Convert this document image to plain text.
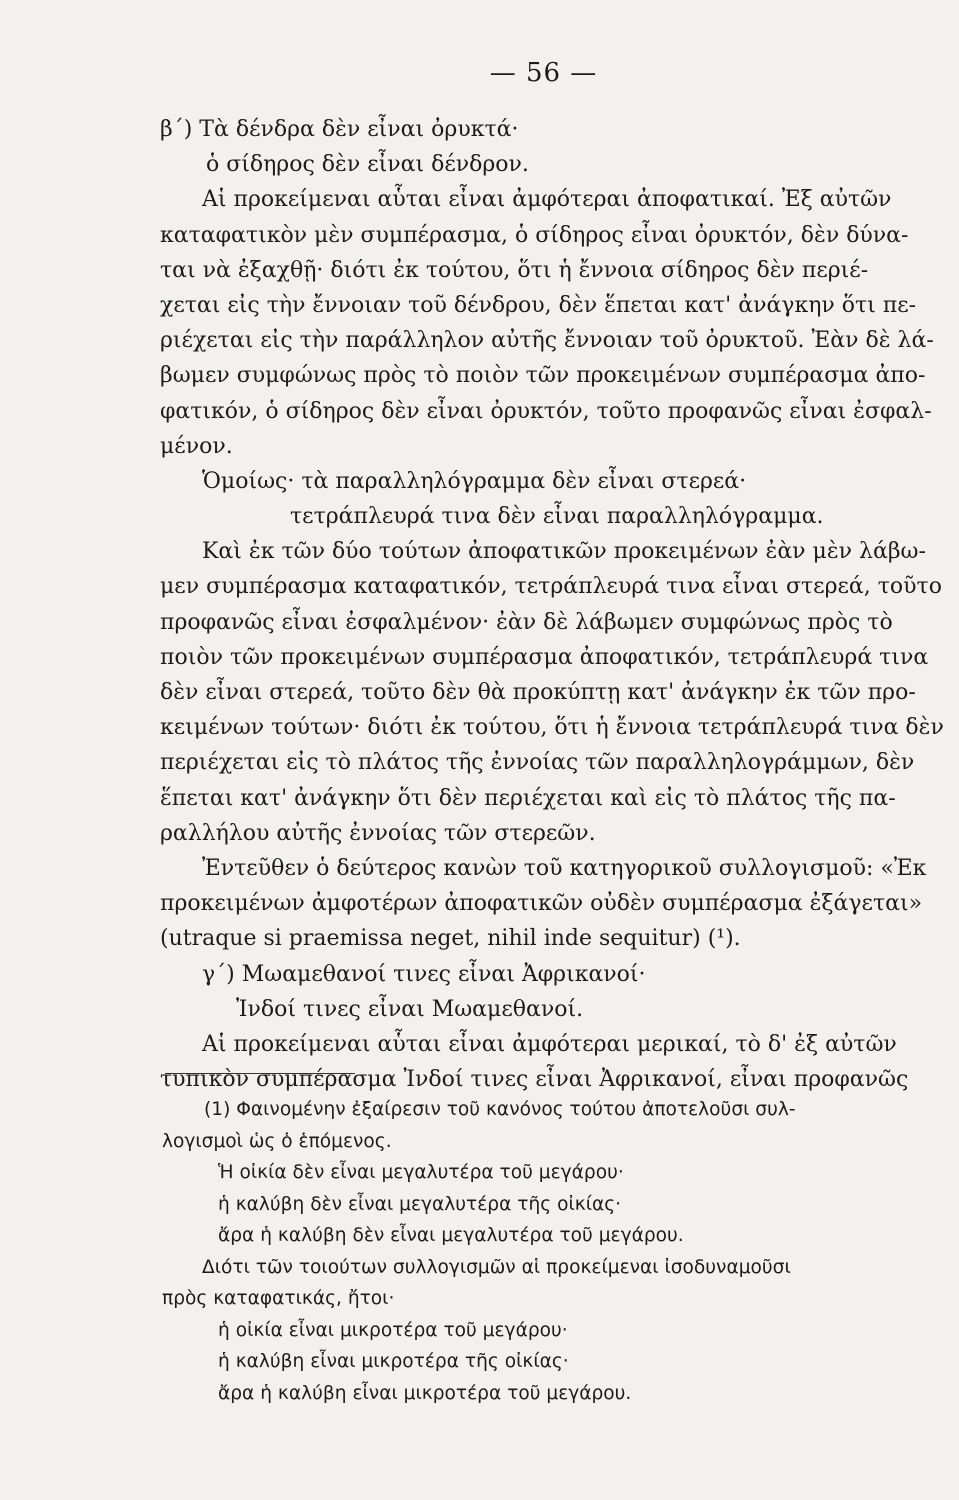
— 56 —
β΄) Τὰ δένδρα δὲν εἶναι ὀρυκτά·
ὁ σίδηρος δὲν εἶναι δένδρον.
Αἱ προκείμεναι αὗται εἶναι ἀμφότεραι ἀποφατικαί. Ἐξ αὐτῶν
καταφατικὸν μὲν συμπέρασμα, ὁ σίδηρος εἶναι ὀρυκτόν, δὲν δύνα-
ται νὰ ἐξαχθῇ· διότι ἐκ τούτου, ὅτι ἡ ἔννοια σίδηρος δὲν περιέ-
χεται εἰς τὴν ἔννοιαν τοῦ δένδρου, δὲν ἕπεται κατ' ἀνάγκην ὅτι πε-
ριέχεται εἰς τὴν παράλληλον αὐτῆς ἔννοιαν τοῦ ὀρυκτοῦ. Ἐὰν δὲ λά-
βωμεν συμφώνως πρὸς τὸ ποιὸν τῶν προκειμένων συμπέρασμα ἀπο-
φατικόν, ὁ σίδηρος δὲν εἶναι ὀρυκτόν, τοῦτο προφανῶς εἶναι ἐσφαλ-
μένον.
Ὁμοίως· τὰ παραλληλόγραμμα δὲν εἶναι στερεά·
τετράπλευρά τινα δὲν εἶναι παραλληλόγραμμα.
Καὶ ἐκ τῶν δύο τούτων ἀποφατικῶν προκειμένων ἐὰν μὲν λάβω-
μεν συμπέρασμα καταφατικόν, τετράπλευρά τινα εἶναι στερεά, τοῦτο
προφανῶς εἶναι ἐσφαλμένον· ἐὰν δὲ λάβωμεν συμφώνως πρὸς τὸ
ποιὸν τῶν προκειμένων συμπέρασμα ἀποφατικόν, τετράπλευρά τινα
δὲν εἶναι στερεά, τοῦτο δὲν θὰ προκύπτῃ κατ' ἀνάγκην ἐκ τῶν προ-
κειμένων τούτων· διότι ἐκ τούτου, ὅτι ἡ ἔννοια τετράπλευρά τινα δὲν
περιέχεται εἰς τὸ πλάτος τῆς ἐννοίας τῶν παραλληλογράμμων, δὲν
ἕπεται κατ' ἀνάγκην ὅτι δὲν περιέχεται καὶ εἰς τὸ πλάτος τῆς πα-
ραλλήλου αὐτῆς ἐννοίας τῶν στερεῶν.
Ἐντεῦθεν ὁ δεύτερος κανὼν τοῦ κατηγορικοῦ συλλογισμοῦ: «Ἐκ
προκειμένων ἀμφοτέρων ἀποφατικῶν οὐδὲν συμπέρασμα ἐξάγεται»
(utraque si praemissa neget, nihil inde sequitur) (¹).
γ΄) Μωαμεθανοί τινες εἶναι Ἀφρικανοί·
Ἰνδοί τινες εἶναι Μωαμεθανοί.
Αἱ προκείμεναι αὗται εἶναι ἀμφότεραι μερικαί, τὸ δ' ἐξ αὐτῶν
τυπικὸν συμπέρασμα Ἰνδοί τινες εἶναι Ἀφρικανοί, εἶναι προφανῶς
(1) Φαινομένην ἐξαίρεσιν τοῦ κανόνος τούτου ἀποτελοῦσι συλ-
λογισμοὶ ὡς ὁ ἑπόμενος.
Ἡ οἰκία δὲν εἶναι μεγαλυτέρα τοῦ μεγάρου·
ἡ καλύβη δὲν εἶναι μεγαλυτέρα τῆς οἰκίας·
ἄρα ἡ καλύβη δὲν εἶναι μεγαλυτέρα τοῦ μεγάρου.
Διότι τῶν τοιούτων συλλογισμῶν αἱ προκείμεναι ἰσοδυναμοῦσι
πρὸς καταφατικάς, ἤτοι·
ἡ οἰκία εἶναι μικροτέρα τοῦ μεγάρου·
ἡ καλύβη εἶναι μικροτέρα τῆς οἰκίας·
ἄρα ἡ καλύβη εἶναι μικροτέρα τοῦ μεγάρου.
